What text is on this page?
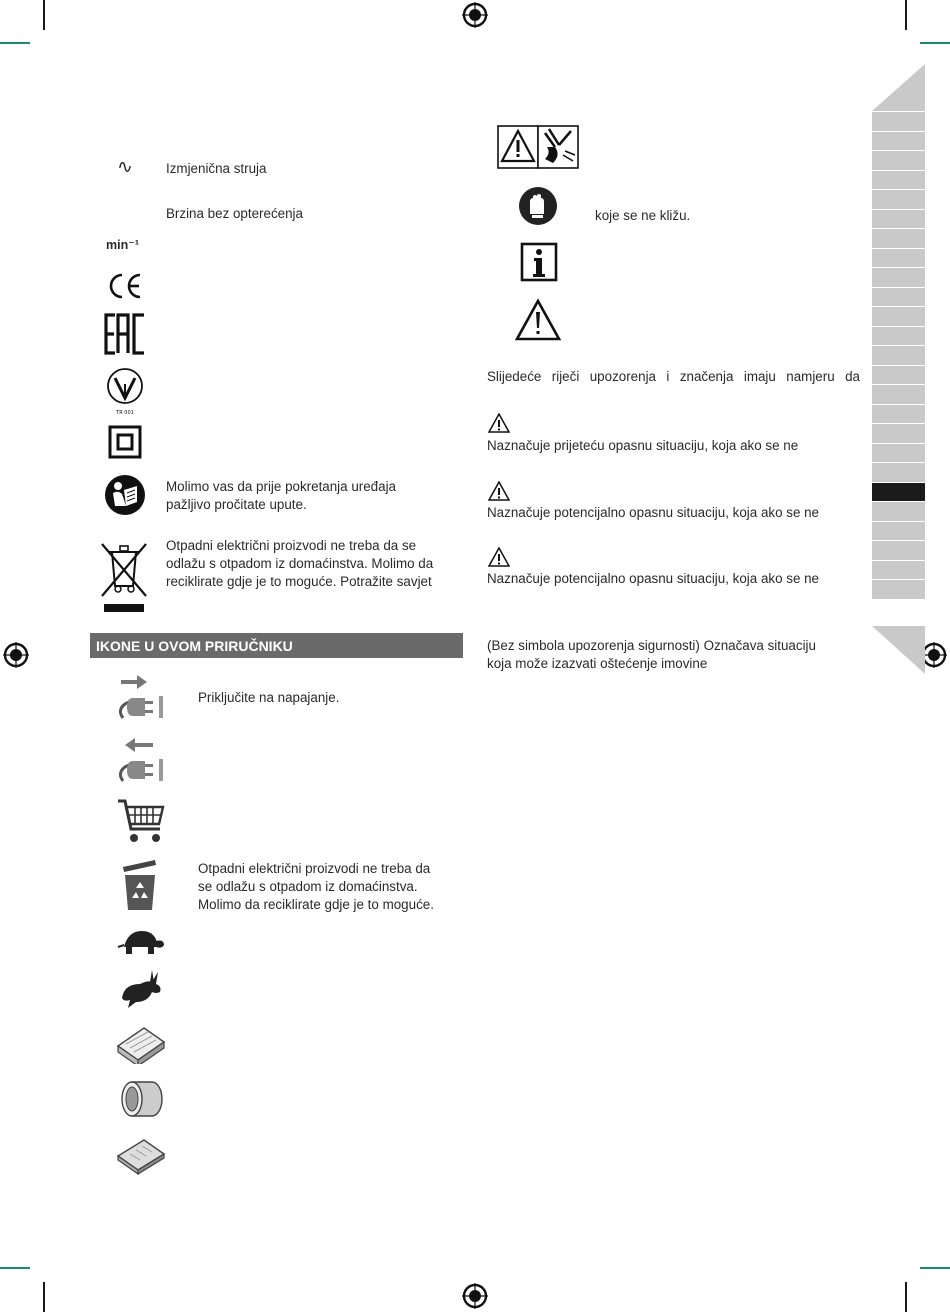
∿ Izmjenična struja
Brzina bez opterećenja
min⁻¹
TR 001
Molimo vas da prije pokretanja uređaja
pažljivo pročitate upute.
Otpadni električni proizvodi ne treba da se
odlažu s otpadom iz domaćinstva. Molimo da
reciklirate gdje je to moguće. Potražite savjet
IKONE U OVOM PRIRUČNIKU
Priključite na napajanje.
Otpadni električni proizvodi ne treba da
se odlažu s otpadom iz domaćinstva.
Molimo da reciklirate gdje je to moguće.
koje se ne kližu.
Slijedeće riječi upozorenja i značenja imaju namjeru da
Naznačuje prijeteću opasnu situaciju, koja ako se ne
Naznačuje potencijalno opasnu situaciju, koja ako se ne
Naznačuje potencijalno opasnu situaciju, koja ako se ne
(Bez simbola upozorenja sigurnosti) Označava situaciju
koja može izazvati oštećenje imovine
